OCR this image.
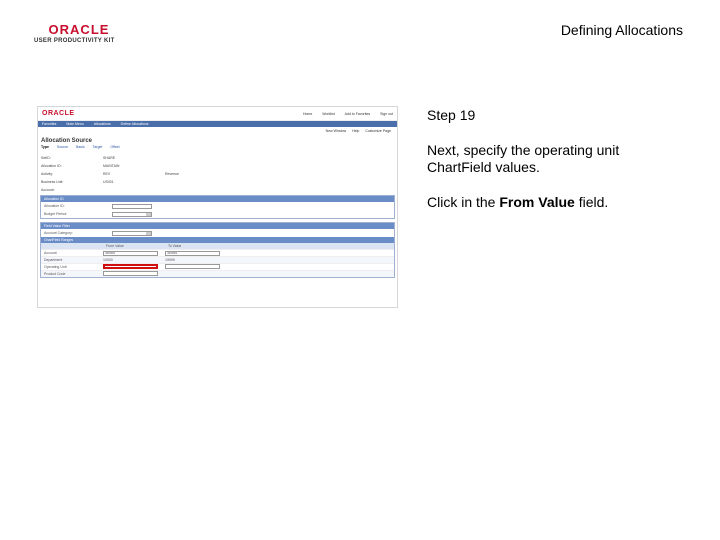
ORACLE
USER PRODUCTIVITY KIT
Defining Allocations
ORACLE	Home	Worklist	Add to Favorites	Sign out
Favorites	Main Menu	Allocations	Define Allocations
New Window Help Customize Page
Allocation Source
Type Source Basis Target Offset
SetID:	SHARE
Allocation ID:	MAINTAIN
Activity:	REV	Revenue
Business Unit:	US001
Account:
Allocation ID
Allocation ID:
Budget Period:
Field Value Filter
Account Category:
ChartField Ranges
From Value	To Value
Account	420000	420999
Department	10000	19999
Operating Unit
Product Code

Step 19

Next, specify the operating unit ChartField values.

Click in the From Value field.
